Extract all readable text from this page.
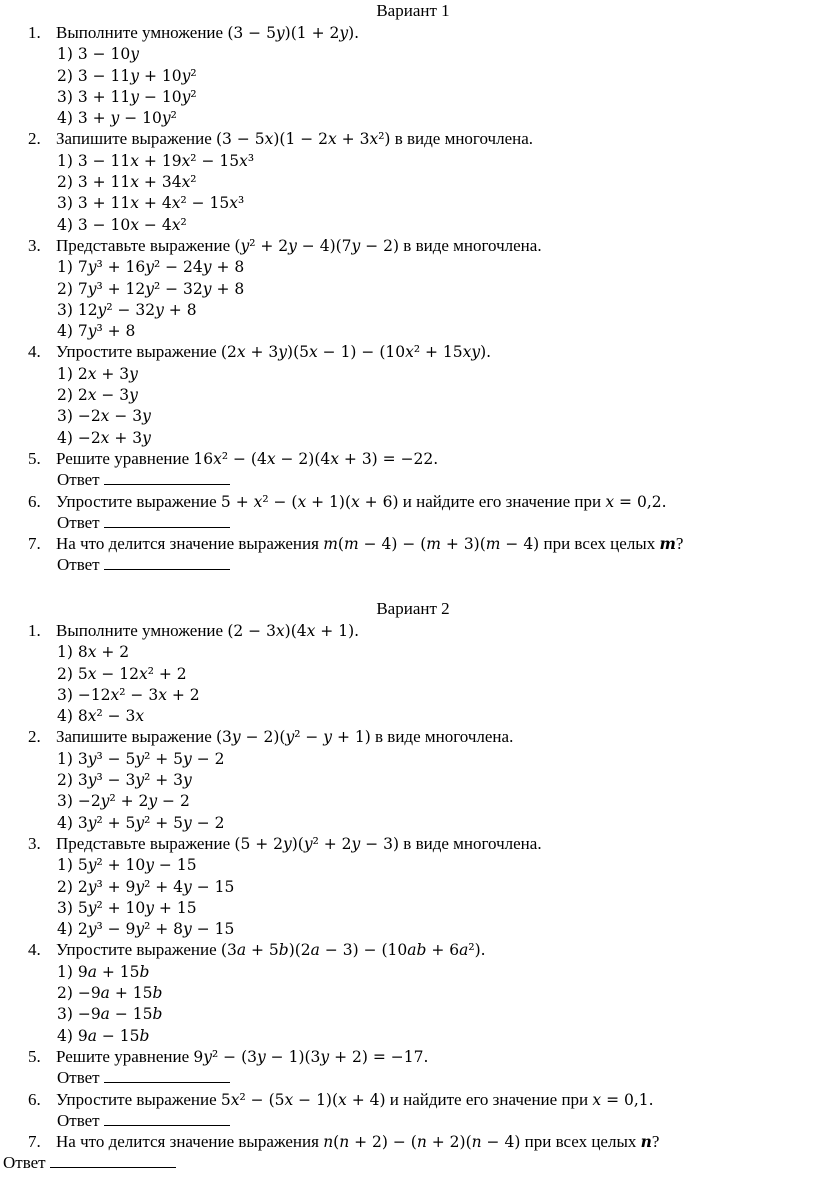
Вариант 1
1. Выполните умножение (3 − 5𝑦)(1 + 2𝑦).
1) 3 − 10𝑦
2) 3 − 11𝑦 + 10𝑦²
3) 3 + 11𝑦 − 10𝑦²
4) 3 + 𝑦 − 10𝑦²
2. Запишите выражение (3 − 5𝑥)(1 − 2𝑥 + 3𝑥²) в виде многочлена.
1) 3 − 11𝑥 + 19𝑥² − 15𝑥³
2) 3 + 11𝑥 + 34𝑥²
3) 3 + 11𝑥 + 4𝑥² − 15𝑥³
4) 3 − 10𝑥 − 4𝑥²
3. Представьте выражение (𝑦² + 2𝑦 − 4)(7𝑦 − 2) в виде многочлена.
1) 7𝑦³ + 16𝑦² − 24𝑦 + 8
2) 7𝑦³ + 12𝑦² − 32𝑦 + 8
3) 12𝑦² − 32𝑦 + 8
4) 7𝑦³ + 8
4. Упростите выражение (2𝑥 + 3𝑦)(5𝑥 − 1) − (10𝑥² + 15𝑥𝑦).
1) 2𝑥 + 3𝑦
2) 2𝑥 − 3𝑦
3) −2𝑥 − 3𝑦
4) −2𝑥 + 3𝑦
5. Решите уравнение 16𝑥² − (4𝑥 − 2)(4𝑥 + 3) = −22.
Ответ
6. Упростите выражение 5 + 𝑥² − (𝑥 + 1)(𝑥 + 6) и найдите его значение при 𝑥 = 0,2.
Ответ
7. На что делится значение выражения 𝑚(𝑚 − 4) − (𝑚 + 3)(𝑚 − 4) при всех целых m?
Ответ
Вариант 2
1. Выполните умножение (2 − 3𝑥)(4𝑥 + 1).
1) 8𝑥 + 2
2) 5𝑥 − 12𝑥² + 2
3) −12𝑥² − 3𝑥 + 2
4) 8𝑥² − 3𝑥
2. Запишите выражение (3𝑦 − 2)(𝑦² − 𝑦 + 1) в виде многочлена.
1) 3𝑦³ − 5𝑦² + 5𝑦 − 2
2) 3𝑦³ − 3𝑦² + 3𝑦
3) −2𝑦² + 2𝑦 − 2
4) 3𝑦² + 5𝑦² + 5𝑦 − 2
3. Представьте выражение (5 + 2𝑦)(𝑦² + 2𝑦 − 3) в виде многочлена.
1) 5𝑦² + 10𝑦 − 15
2) 2𝑦³ + 9𝑦² + 4𝑦 − 15
3) 5𝑦² + 10𝑦 + 15
4) 2𝑦³ − 9𝑦² + 8𝑦 − 15
4. Упростите выражение (3𝑎 + 5𝑏)(2𝑎 − 3) − (10𝑎𝑏 + 6𝑎²).
1) 9𝑎 + 15𝑏
2) −9𝑎 + 15𝑏
3) −9𝑎 − 15𝑏
4) 9𝑎 − 15𝑏
5. Решите уравнение 9𝑦² − (3𝑦 − 1)(3𝑦 + 2) = −17.
Ответ
6. Упростите выражение 5𝑥² − (5𝑥 − 1)(𝑥 + 4) и найдите его значение при 𝑥 = 0,1.
Ответ
7. На что делится значение выражения 𝑛(𝑛 + 2) − (𝑛 + 2)(𝑛 − 4) при всех целых n?
Ответ
